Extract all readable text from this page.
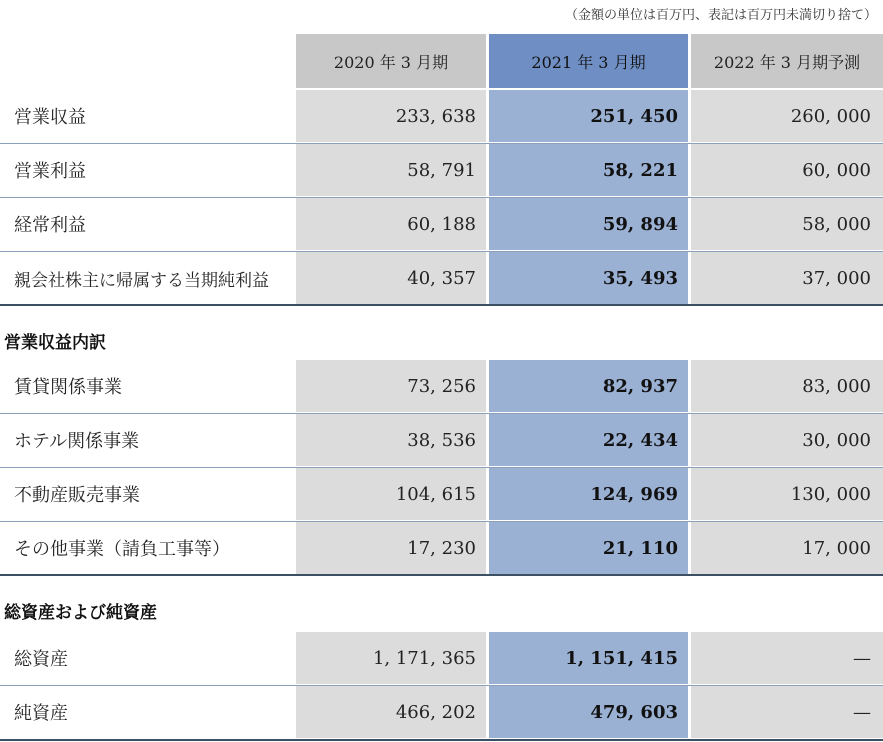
（金額の単位は百万円、表記は百万円未満切り捨て）
2020 年 3 月期	2021 年 3 月期	2022 年 3 月期予測
営業収益	233, 638	251, 450	260, 000
営業利益	58, 791	58, 221	60, 000
経常利益	60, 188	59, 894	58, 000
親会社株主に帰属する当期純利益	40, 357	35, 493	37, 000
営業収益内訳
賃貸関係事業	73, 256	82, 937	83, 000
ホテル関係事業	38, 536	22, 434	30, 000
不動産販売事業	104, 615	124, 969	130, 000
その他事業（請負工事等）	17, 230	21, 110	17, 000
総資産および純資産
総資産	1, 171, 365	1, 151, 415	—
純資産	466, 202	479, 603	—
